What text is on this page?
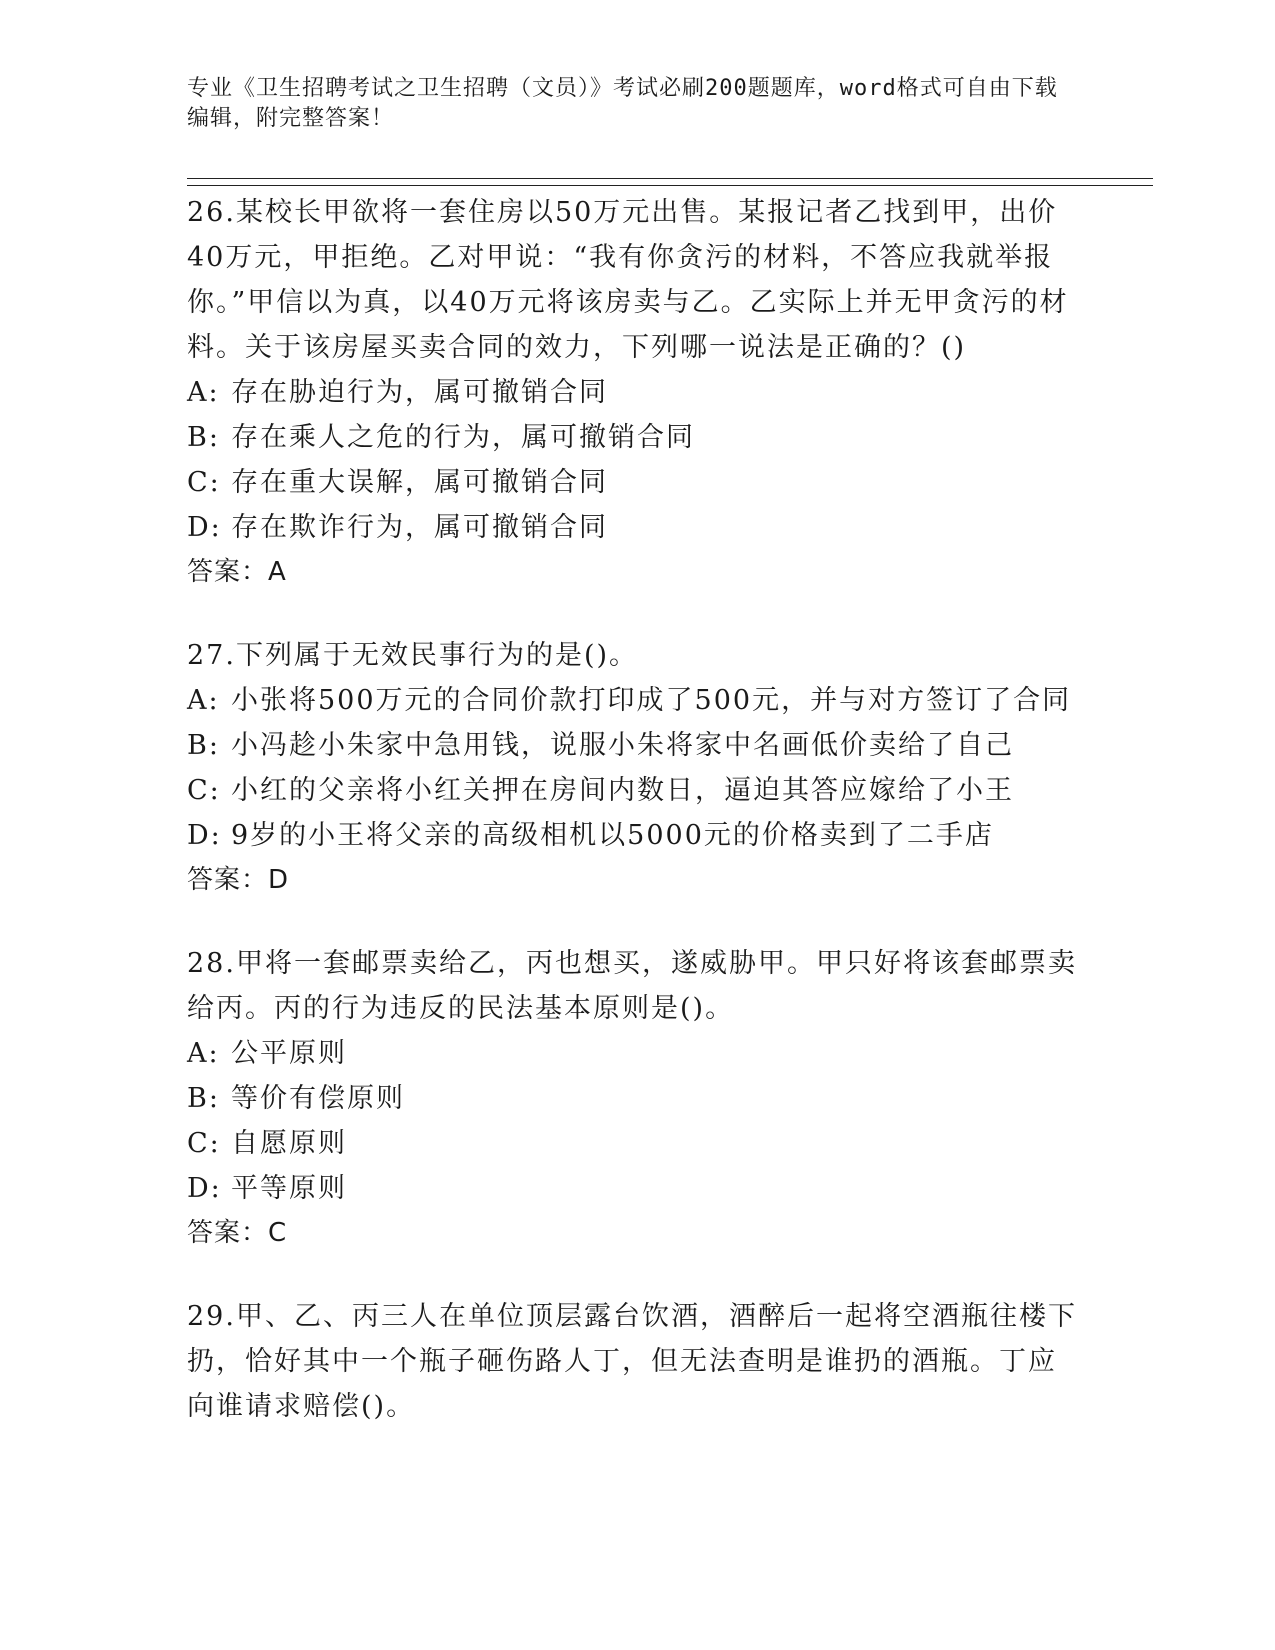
专业《卫生招聘考试之卫生招聘（文员）》考试必刷200题题库，word格式可自由下载编辑，附完整答案！

26.某校长甲欲将一套住房以50万元出售。某报记者乙找到甲，出价40万元，甲拒绝。乙对甲说：“我有你贪污的材料，不答应我就举报你。”甲信以为真，以40万元将该房卖与乙。乙实际上并无甲贪污的材料。关于该房屋买卖合同的效力，下列哪一说法是正确的？()

A: 存在胁迫行为，属可撤销合同

B: 存在乘人之危的行为，属可撤销合同

C: 存在重大误解，属可撤销合同

D: 存在欺诈行为，属可撤销合同

答案：A

27.下列属于无效民事行为的是()。

A: 小张将500万元的合同价款打印成了500元，并与对方签订了合同

B: 小冯趁小朱家中急用钱，说服小朱将家中名画低价卖给了自己

C: 小红的父亲将小红关押在房间内数日，逼迫其答应嫁给了小王

D: 9岁的小王将父亲的高级相机以5000元的价格卖到了二手店

答案：D

28.甲将一套邮票卖给乙，丙也想买，遂威胁甲。甲只好将该套邮票卖给丙。丙的行为违反的民法基本原则是()。

A: 公平原则

B: 等价有偿原则

C: 自愿原则

D: 平等原则

答案：C

29.甲、乙、丙三人在单位顶层露台饮酒，酒醉后一起将空酒瓶往楼下扔，恰好其中一个瓶子砸伤路人丁，但无法查明是谁扔的酒瓶。丁应向谁请求赔偿()。
